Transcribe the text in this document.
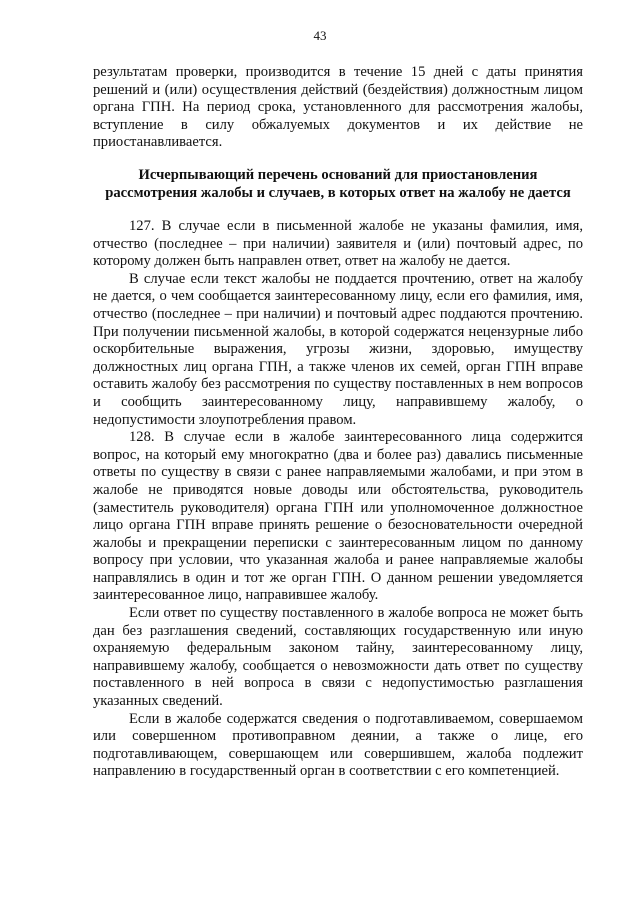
43

результатам проверки, производится в течение 15 дней с даты принятия решений и (или) осуществления действий (бездействия) должностным лицом органа ГПН. На период срока, установленного для рассмотрения жалобы, вступление в силу обжалуемых документов и их действие не приостанавливается.

Исчерпывающий перечень оснований для приостановления рассмотрения жалобы и случаев, в которых ответ на жалобу не дается

127. В случае если в письменной жалобе не указаны фамилия, имя, отчество (последнее – при наличии) заявителя и (или) почтовый адрес, по которому должен быть направлен ответ, ответ на жалобу не дается.

В случае если текст жалобы не поддается прочтению, ответ на жалобу не дается, о чем сообщается заинтересованному лицу, если его фамилия, имя, отчество (последнее – при наличии) и почтовый адрес поддаются прочтению. При получении письменной жалобы, в которой содержатся нецензурные либо оскорбительные выражения, угрозы жизни, здоровью, имуществу должностных лиц органа ГПН, а также членов их семей, орган ГПН вправе оставить жалобу без рассмотрения по существу поставленных в нем вопросов и сообщить заинтересованному лицу, направившему жалобу, о недопустимости злоупотребления правом.

128. В случае если в жалобе заинтересованного лица содержится вопрос, на который ему многократно (два и более раз) давались письменные ответы по существу в связи с ранее направляемыми жалобами, и при этом в жалобе не приводятся новые доводы или обстоятельства, руководитель (заместитель руководителя) органа ГПН или уполномоченное должностное лицо органа ГПН вправе принять решение о безосновательности очередной жалобы и прекращении переписки с заинтересованным лицом по данному вопросу при условии, что указанная жалоба и ранее направляемые жалобы направлялись в один и тот же орган ГПН. О данном решении уведомляется заинтересованное лицо, направившее жалобу.

Если ответ по существу поставленного в жалобе вопроса не может быть дан без разглашения сведений, составляющих государственную или иную охраняемую федеральным законом тайну, заинтересованному лицу, направившему жалобу, сообщается о невозможности дать ответ по существу поставленного в ней вопроса в связи с недопустимостью разглашения указанных сведений.

Если в жалобе содержатся сведения о подготавливаемом, совершаемом или совершенном противоправном деянии, а также о лице, его подготавливающем, совершающем или совершившем, жалоба подлежит направлению в государственный орган в соответствии с его компетенцией.
